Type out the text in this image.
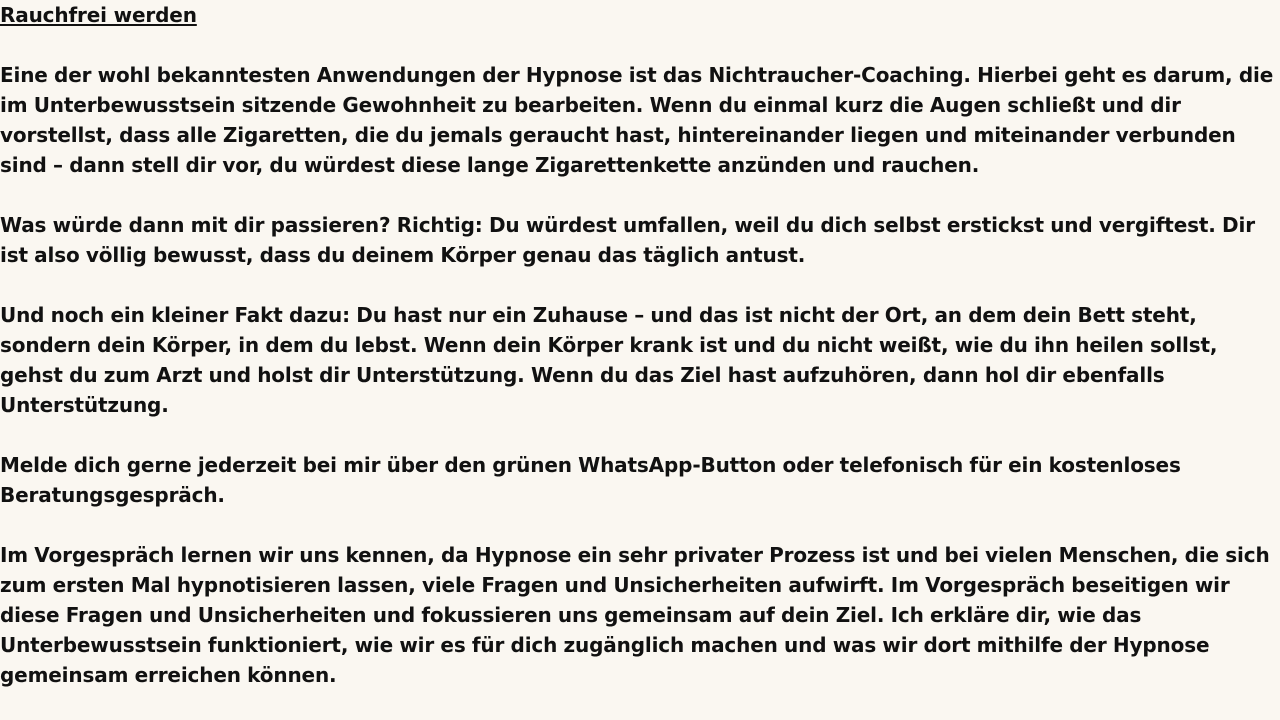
Rauchfrei werden

Eine der wohl bekanntesten Anwendungen der Hypnose ist das Nichtraucher-Coaching. Hierbei geht es darum, die im Unterbewusstsein sitzende Gewohnheit zu bearbeiten. Wenn du einmal kurz die Augen schließt und dir vorstellst, dass alle Zigaretten, die du jemals geraucht hast, hintereinander liegen und miteinander verbunden sind – dann stell dir vor, du würdest diese lange Zigarettenkette anzünden und rauchen.

Was würde dann mit dir passieren? Richtig: Du würdest umfallen, weil du dich selbst erstickst und vergiftest. Dir ist also völlig bewusst, dass du deinem Körper genau das täglich antust.

Und noch ein kleiner Fakt dazu: Du hast nur ein Zuhause – und das ist nicht der Ort, an dem dein Bett steht, sondern dein Körper, in dem du lebst. Wenn dein Körper krank ist und du nicht weißt, wie du ihn heilen sollst, gehst du zum Arzt und holst dir Unterstützung. Wenn du das Ziel hast aufzuhören, dann hol dir ebenfalls Unterstützung.

Melde dich gerne jederzeit bei mir über den grünen WhatsApp-Button oder telefonisch für ein kostenloses Beratungsgespräch.

Im Vorgespräch lernen wir uns kennen, da Hypnose ein sehr privater Prozess ist und bei vielen Menschen, die sich zum ersten Mal hypnotisieren lassen, viele Fragen und Unsicherheiten aufwirft. Im Vorgespräch beseitigen wir diese Fragen und Unsicherheiten und fokussieren uns gemeinsam auf dein Ziel. Ich erkläre dir, wie das Unterbewusstsein funktioniert, wie wir es für dich zugänglich machen und was wir dort mithilfe der Hypnose gemeinsam erreichen können.
